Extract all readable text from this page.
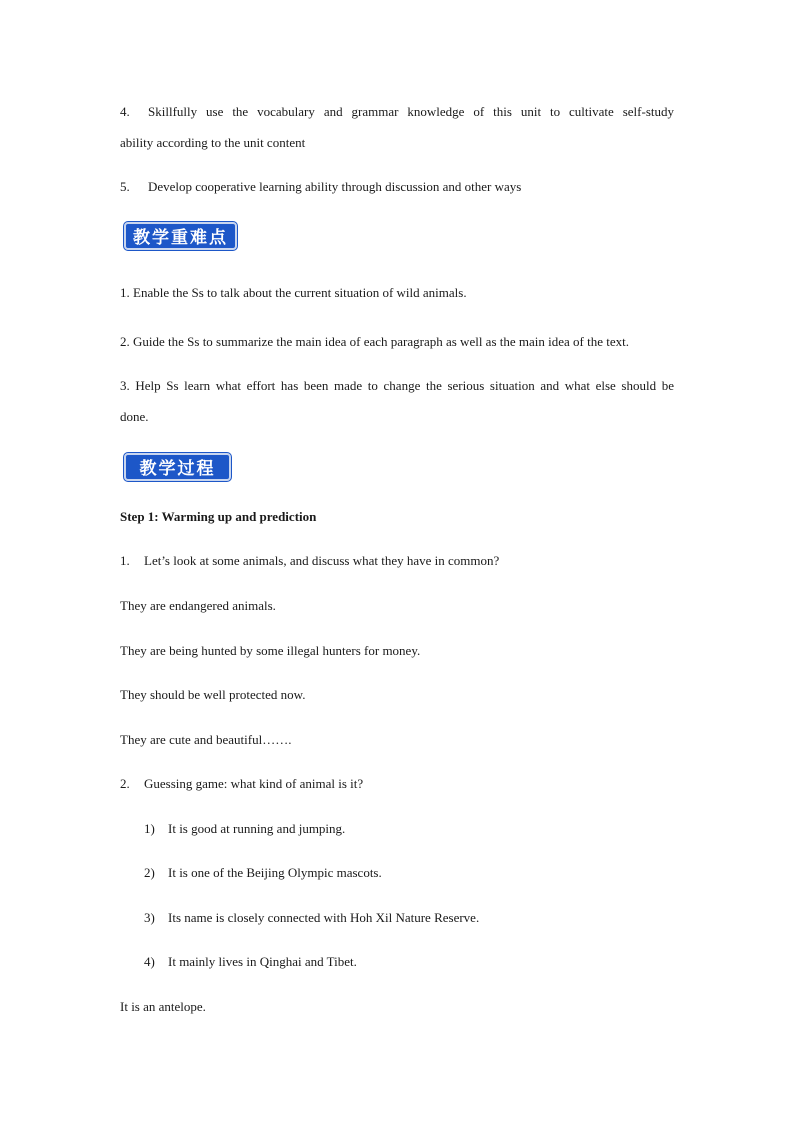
4. Skillfully use the vocabulary and grammar knowledge of this unit to cultivate self-study
ability according to the unit content
5. Develop cooperative learning ability through discussion and other ways
教学重难点
1. Enable the Ss to talk about the current situation of wild animals.
2. Guide the Ss to summarize the main idea of each paragraph as well as the main idea of the text.
3. Help Ss learn what effort has been made to change the serious situation and what else should be
done.
教学过程
Step 1: Warming up and prediction
1. Let’s look at some animals, and discuss what they have in common?
They are endangered animals.
They are being hunted by some illegal hunters for money.
They should be well protected now.
They are cute and beautiful…….
2. Guessing game: what kind of animal is it?
1) It is good at running and jumping.
2) It is one of the Beijing Olympic mascots.
3) Its name is closely connected with Hoh Xil Nature Reserve.
4) It mainly lives in Qinghai and Tibet.
It is an antelope.
